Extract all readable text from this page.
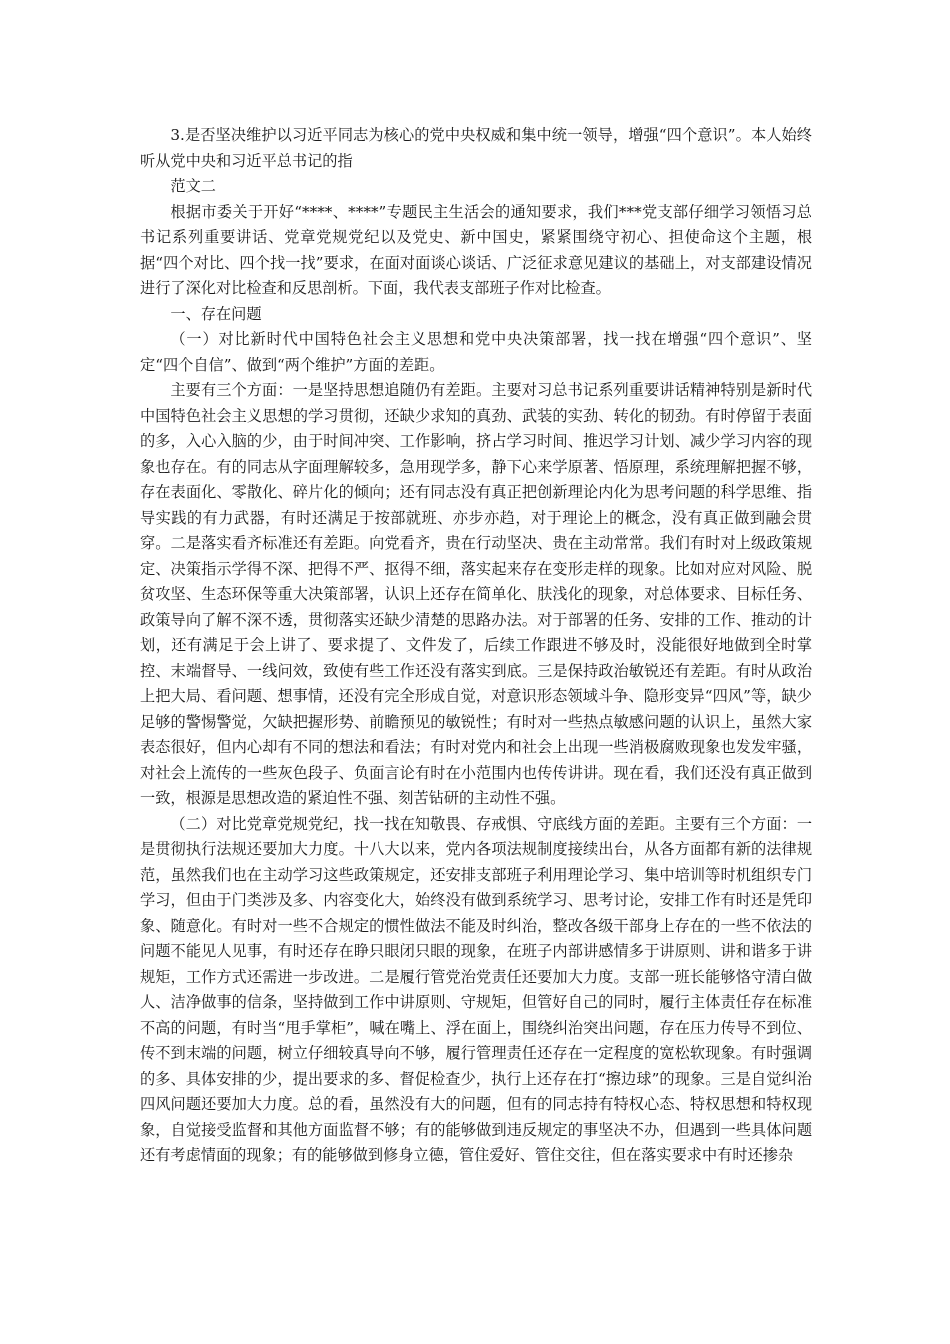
3.是否坚决维护以习近平同志为核心的党中央权威和集中统一领导，增强“四个意识”。本人始终听从党中央和习近平总书记的指

范文二

根据市委关于开好“****、****”专题民主生活会的通知要求，我们***党支部仔细学习领悟习总书记系列重要讲话、党章党规党纪以及党史、新中国史，紧紧围绕守初心、担使命这个主题，根据“四个对比、四个找一找”要求，在面对面谈心谈话、广泛征求意见建议的基础上，对支部建设情况进行了深化对比检查和反思剖析。下面，我代表支部班子作对比检查。

一、存在问题

（一）对比新时代中国特色社会主义思想和党中央决策部署，找一找在增强“四个意识”、坚定“四个自信”、做到“两个维护”方面的差距。

主要有三个方面：一是坚持思想追随仍有差距。主要对习总书记系列重要讲话精神特别是新时代中国特色社会主义思想的学习贯彻，还缺少求知的真劲、武装的实劲、转化的韧劲。有时停留于表面的多，入心入脑的少，由于时间冲突、工作影响，挤占学习时间、推迟学习计划、减少学习内容的现象也存在。有的同志从字面理解较多，急用现学多，静下心来学原著、悟原理，系统理解把握不够，存在表面化、零散化、碎片化的倾向；还有同志没有真正把创新理论内化为思考问题的科学思维、指导实践的有力武器，有时还满足于按部就班、亦步亦趋，对于理论上的概念，没有真正做到融会贯穿。二是落实看齐标准还有差距。向党看齐，贵在行动坚决、贵在主动常常。我们有时对上级政策规定、决策指示学得不深、把得不严、抠得不细，落实起来存在变形走样的现象。比如对应对风险、脱贫攻坚、生态环保等重大决策部署，认识上还存在简单化、肤浅化的现象，对总体要求、目标任务、政策导向了解不深不透，贯彻落实还缺少清楚的思路办法。对于部署的任务、安排的工作、推动的计划，还有满足于会上讲了、要求提了、文件发了，后续工作跟进不够及时，没能很好地做到全时掌控、末端督导、一线问效，致使有些工作还没有落实到底。三是保持政治敏锐还有差距。有时从政治上把大局、看问题、想事情，还没有完全形成自觉，对意识形态领域斗争、隐形变异“四风”等，缺少足够的警惕警觉，欠缺把握形势、前瞻预见的敏锐性；有时对一些热点敏感问题的认识上，虽然大家表态很好，但内心却有不同的想法和看法；有时对党内和社会上出现一些消极腐败现象也发发牢骚，对社会上流传的一些灰色段子、负面言论有时在小范围内也传传讲讲。现在看，我们还没有真正做到一致，根源是思想改造的紧迫性不强、刻苦钻研的主动性不强。

（二）对比党章党规党纪，找一找在知敬畏、存戒惧、守底线方面的差距。主要有三个方面：一是贯彻执行法规还要加大力度。十八大以来，党内各项法规制度接续出台，从各方面都有新的法律规范，虽然我们也在主动学习这些政策规定，还安排支部班子利用理论学习、集中培训等时机组织专门学习，但由于门类涉及多、内容变化大，始终没有做到系统学习、思考讨论，安排工作有时还是凭印象、随意化。有时对一些不合规定的惯性做法不能及时纠治，整改各级干部身上存在的一些不依法的问题不能见人见事，有时还存在睁只眼闭只眼的现象，在班子内部讲感情多于讲原则、讲和谐多于讲规矩，工作方式还需进一步改进。二是履行管党治党责任还要加大力度。支部一班长能够恪守清白做人、洁净做事的信条，坚持做到工作中讲原则、守规矩，但管好自己的同时，履行主体责任存在标准不高的问题，有时当“甩手掌柜”，喊在嘴上、浮在面上，围绕纠治突出问题，存在压力传导不到位、传不到末端的问题，树立仔细较真导向不够，履行管理责任还存在一定程度的宽松软现象。有时强调的多、具体安排的少，提出要求的多、督促检查少，执行上还存在打“擦边球”的现象。三是自觉纠治四风问题还要加大力度。总的看，虽然没有大的问题，但有的同志持有特权心态、特权思想和特权现象，自觉接受监督和其他方面监督不够；有的能够做到违反规定的事坚决不办，但遇到一些具体问题还有考虑情面的现象；有的能够做到修身立德，管住爱好、管住交往，但在落实要求中有时还掺杂
